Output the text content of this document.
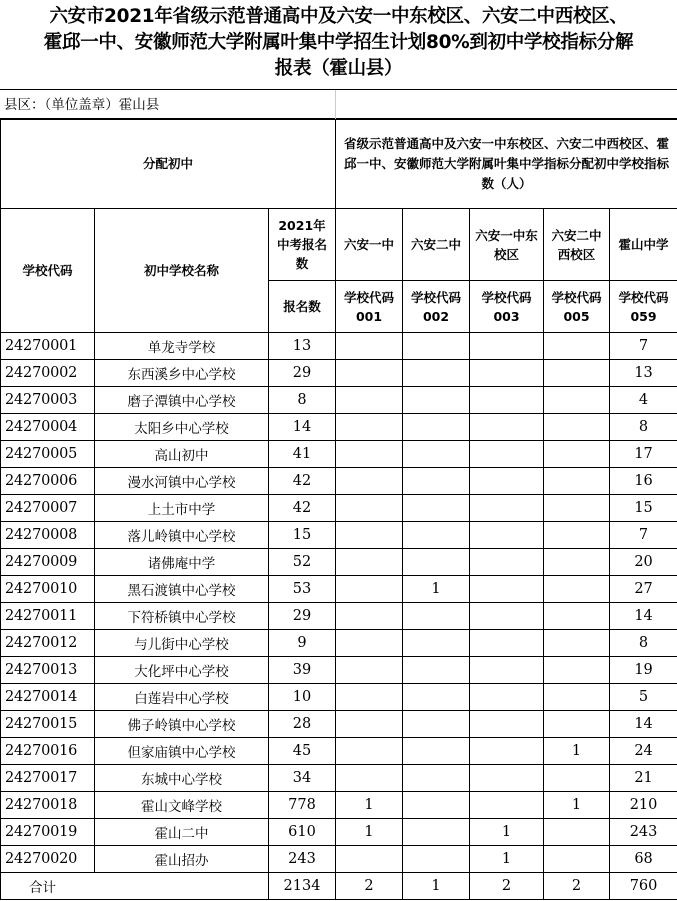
六安市2021年省级示范普通高中及六安一中东校区、六安二中西校区、
霍邱一中、安徽师范大学附属叶集中学招生计划80%到初中学校指标分解
报表（霍山县）
县区：（单位盖章）霍山县
分配初中			省级示范普通高中及六安一中东校区、六安二中西校区、霍邱一中、安徽师范大学附属叶集中学指标分配初中学校指标数（人）				
学校代码	初中学校名称	2021年中考报名数	六安一中	六安二中	六安一中东校区	六安二中西校区	霍山中学
		报名数	学校代码001	学校代码002	学校代码003	学校代码005	学校代码059
24270001	单龙寺学校	13					7
24270002	东西溪乡中心学校	29					13
24270003	磨子潭镇中心学校	8					4
24270004	太阳乡中心学校	14					8
24270005	高山初中	41					17
24270006	漫水河镇中心学校	42					16
24270007	上土市中学	42					15
24270008	落儿岭镇中心学校	15					7
24270009	诸佛庵中学	52					20
24270010	黑石渡镇中心学校	53		1			27
24270011	下符桥镇中心学校	29					14
24270012	与儿街中心学校	9					8
24270013	大化坪中心学校	39					19
24270014	白莲岩中心学校	10					5
24270015	佛子岭镇中心学校	28					14
24270016	但家庙镇中心学校	45				1	24
24270017	东城中心学校	34					21
24270018	霍山文峰学校	778	1			1	210
24270019	霍山二中	610	1		1		243
24270020	霍山招办	243			1		68
合计		2134	2	1	2	2	760
